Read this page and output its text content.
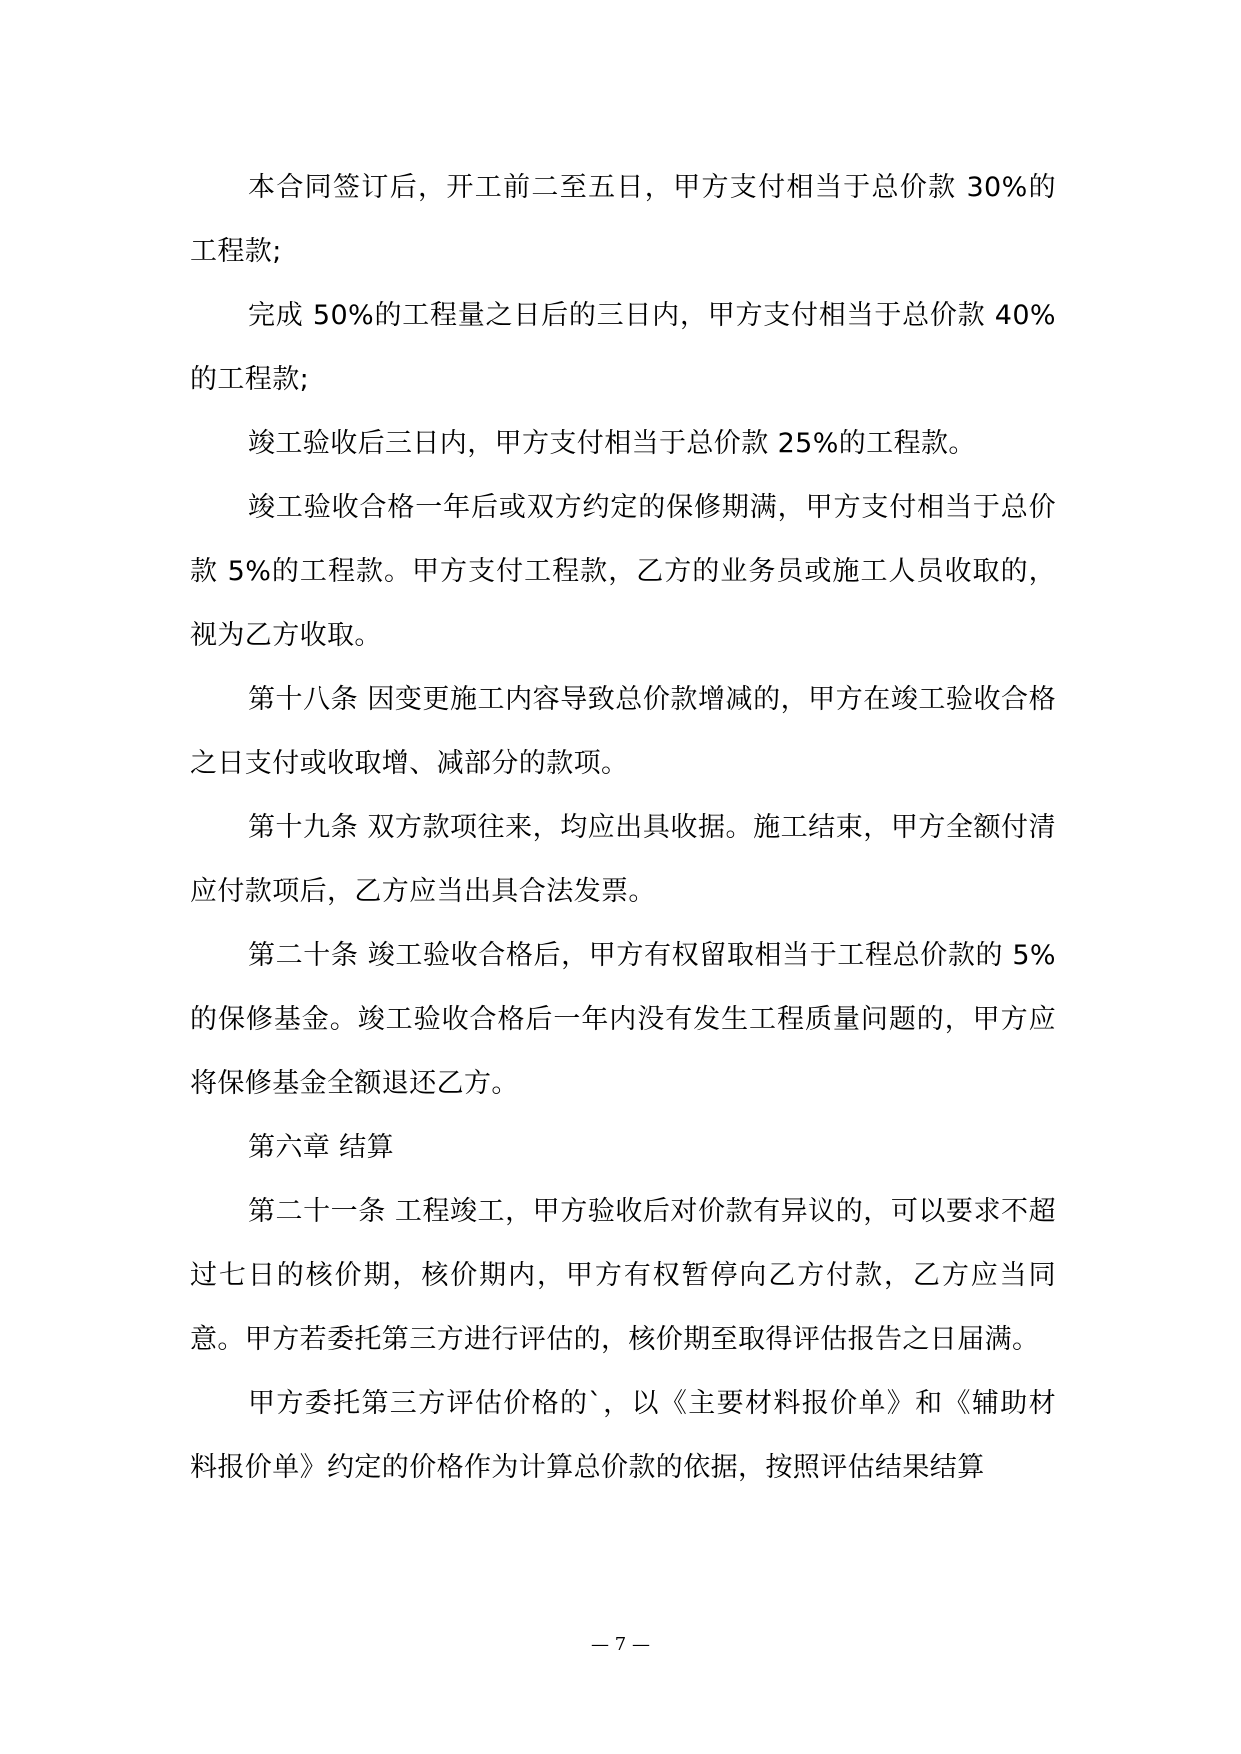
本合同签订后，开工前二至五日，甲方支付相当于总价款 30%的工程款;

完成 50%的工程量之日后的三日内，甲方支付相当于总价款 40%的工程款;

竣工验收后三日内，甲方支付相当于总价款 25%的工程款。

竣工验收合格一年后或双方约定的保修期满，甲方支付相当于总价款 5%的工程款。甲方支付工程款，乙方的业务员或施工人员收取的，视为乙方收取。

第十八条 因变更施工内容导致总价款增减的，甲方在竣工验收合格之日支付或收取增、减部分的款项。

第十九条 双方款项往来，均应出具收据。施工结束，甲方全额付清应付款项后，乙方应当出具合法发票。

第二十条 竣工验收合格后，甲方有权留取相当于工程总价款的 5%的保修基金。竣工验收合格后一年内没有发生工程质量问题的，甲方应将保修基金全额退还乙方。

第六章 结算

第二十一条 工程竣工，甲方验收后对价款有异议的，可以要求不超过七日的核价期，核价期内，甲方有权暂停向乙方付款，乙方应当同意。甲方若委托第三方进行评估的，核价期至取得评估报告之日届满。

甲方委托第三方评估价格的`，以《主要材料报价单》和《辅助材料报价单》约定的价格作为计算总价款的依据，按照评估结果结算

— 7 —
